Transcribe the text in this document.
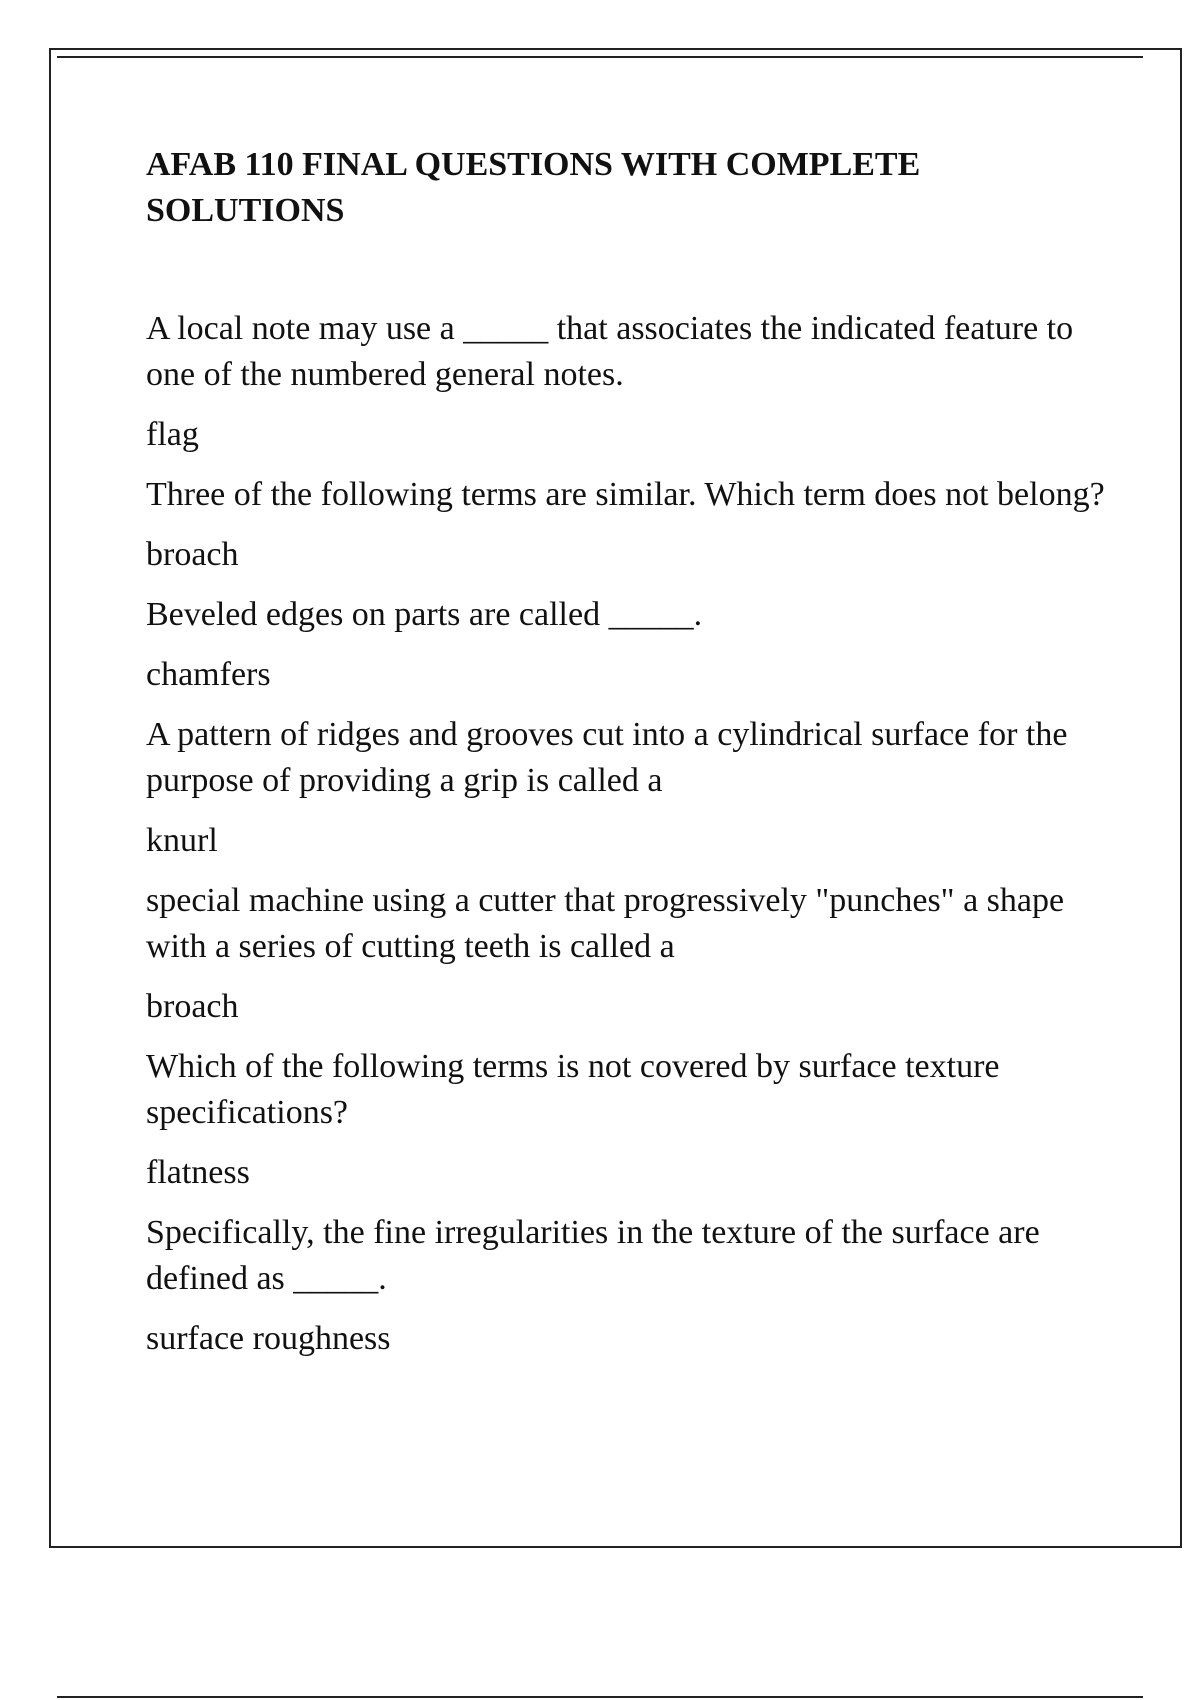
AFAB 110 FINAL QUESTIONS WITH COMPLETE SOLUTIONS

A local note may use a _____ that associates the indicated feature to one of the numbered general notes.

flag

Three of the following terms are similar. Which term does not belong?

broach

Beveled edges on parts are called _____.

chamfers

A pattern of ridges and grooves cut into a cylindrical surface for the purpose of providing a grip is called a

knurl

special machine using a cutter that progressively "punches" a shape with a series of cutting teeth is called a

broach

Which of the following terms is not covered by surface texture specifications?

flatness

Specifically, the fine irregularities in the texture of the surface are defined as _____.

surface roughness
